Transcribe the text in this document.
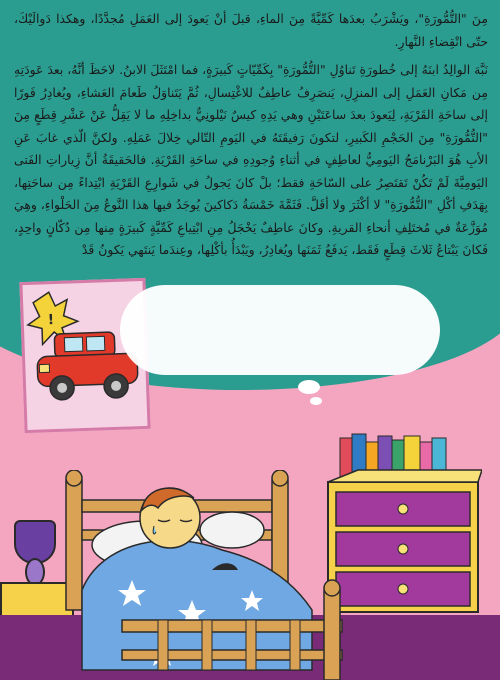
مِنَ "التُّمُّورَةِ"، ويَشْرَبُ بعدَها كَمِّيَّةً مِنَ الماءِ، قبلَ أنْ يَعودَ إلى العَمَلِ مُجدَّدًا، وهكذا دَوالَيْكَ، حتّى انْقِضاءِ النَّهارِ.

نَبَّهَ الوالِدُ ابنَهُ إلى خُطورَةِ تَناوُلِ "التُّمُّورَةِ" بِكَمِّيّاتٍ كَبيرَةٍ، فما امْتَثَلَ الابنُ. لاحَظَ أنَّهُ، بعدَ عَودَتِهِ مِن مَكانِ العَمَلِ إلى المنزِلِ، يَنصَرِفُ عاطِفٌ للاغْتِسالِ، ثُمَّ يَتَناوَلُ طَعامَ العَشاءِ، ويُغادِرُ فَورًا إلى ساحَةِ القَرْيَةِ، لِيَعودَ بعدَ ساعَتَيْنِ وهي يَدِهِ كيسٌ نَيْلونِيٌّ بداخِلِهِ ما لا يَقِلُّ عَنْ عَشْرِ قِطَعٍ مِنَ "التُّمُّورَةِ" مِنَ الحَجْمِ الكَبيرِ، لتكونَ رَفيقَتَهُ في اليَومِ التّالي خِلالَ عَمَلِهِ. ولكنَّ الّذي غابَ عَنِ الأبِ هُوَ البَرْنامَجُ اليَومِيُّ لعاطِفٍ في أثناءِ وُجودِهِ في ساحَةِ القَرْيَةِ. فالحَقيقَةُ أنَّ زِياراتِ الفَتى اليَومِيَّةَ لَمْ تَكُنْ تَقتَصِرُ على السّاحَةِ فقط؛ بلْ كانَ يَجولُ في شَوارِعِ القَرْيَةِ ابْتِداءً مِن ساحَتِها، بِهَدَفِ أكْلِ "التُّمُّورَةِ" لا أكْثَرَ ولا أقَلَّ. فَثَمَّةَ خَمْسَةُ دَكاكينَ يُوجَدُ فيها هذا النَّوعُ مِنَ الحَلْواءِ، وهِيَ مُوَزَّعَةٌ في مُختَلِفِ أنحاءِ القريةِ. وكانَ عاطِفٌ يَخْجَلُ مِنِ ابْتِياعِ كَمِّيَّةٍ كَبيرَةٍ مِنها مِن دُكّانٍ واحِدٍ، فَكانَ يَبْتاعُ ثَلاثَ قِطَعٍ فَقَط، يَدفَعُ ثَمَنَها ويُغادِرُ، ويَبْدَأُ بأكْلِها، وعِندَما يَنتَهي يَكونُ قَدْ

!
